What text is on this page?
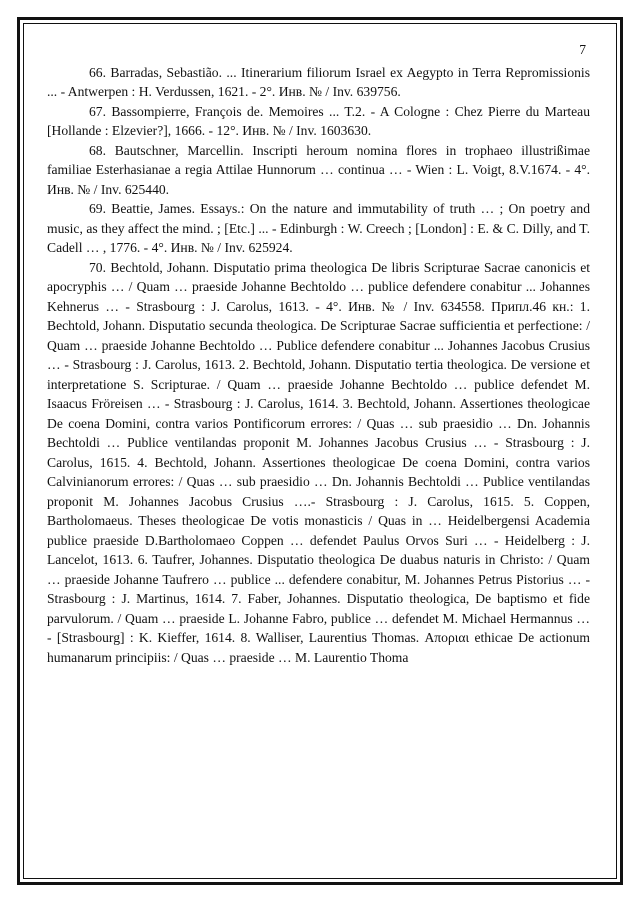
7

66. Barradas, Sebastião. ... Itinerarium filiorum Israel ex Aegypto in Terra Repromissionis ... - Antwerpen : H. Verdussen, 1621. - 2°. Инв. № / Inv. 639756.

67. Bassompierre, François de. Memoires ... T.2. - A Cologne : Chez Pierre du Marteau [Hollande : Elzevier?], 1666. - 12°. Инв. № / Inv. 1603630.

68. Bautschner, Marcellin. Inscripti heroum nomina flores in trophaeo illustrißimae familiae Esterhasianae a regia Attilae Hunnorum … continua … - Wien : L. Voigt, 8.V.1674. - 4°. Инв. № / Inv. 625440.

69. Beattie, James. Essays.: On the nature and immutability of truth … ; On poetry and music, as they affect the mind. ; [Etc.] ... - Edinburgh : W. Creech ; [London] : E. & C. Dilly, and T. Cadell … , 1776. - 4°. Инв. № / Inv. 625924.

70. Bechtold, Johann. Disputatio prima theologica De libris Scripturae Sacrae canonicis et apocryphis … / Quam … praeside Johanne Bechtoldo … publice defendere conabitur ... Johannes Kehnerus … - Strasbourg : J. Carolus, 1613. - 4°. Инв. № / Inv. 634558. Припл.46 кн.: 1. Bechtold, Johann. Disputatio secunda theologica. De Scripturae Sacrae sufficientia et perfectione: / Quam … praeside Johanne Bechtoldo … Publice defendere conabitur ... Johannes Jacobus Crusius … - Strasbourg : J. Carolus, 1613. 2. Bechtold, Johann. Disputatio tertia theologica. De versione et interpretatione S. Scripturae. / Quam … praeside Johanne Bechtoldo … publice defendet M. Isaacus Fröreisen … - Strasbourg : J. Carolus, 1614. 3. Bechtold, Johann. Assertiones theologicae De coena Domini, contra varios Pontificorum errores: / Quas … sub praesidio … Dn. Johannis Bechtoldi … Publice ventilandas proponit M. Johannes Jacobus Crusius … - Strasbourg : J. Carolus, 1615. 4. Bechtold, Johann. Assertiones theologicae De coena Domini, contra varios Calvinianorum errores: / Quas … sub praesidio … Dn. Johannis Bechtoldi … Publice ventilandas proponit M. Johannes Jacobus Crusius ….- Strasbourg : J. Carolus, 1615. 5. Coppen, Bartholomaeus. Theses theologicae De votis monasticis / Quas in … Heidelbergensi Academia publice praeside D.Bartholomaeo Coppen … defendet Paulus Orvos Suri … - Heidelberg : J. Lancelot, 1613. 6. Taufrer, Johannes. Disputatio theologica De duabus naturis in Christo: / Quam … praeside Johanne Taufrero … publice ... defendere conabitur, M. Johannes Petrus Pistorius … - Strasbourg : J. Martinus, 1614. 7. Faber, Johannes. Disputatio theologica, De baptismo et fide parvulorum. / Quam … praeside L. Johanne Fabro, publice … defendet M. Michael Hermannus … - [Strasbourg] : K. Kieffer, 1614. 8. Walliser, Laurentius Thomas. Αποριαι ethicae De actionum humanarum principiis: / Quas … praeside … M. Laurentio Thoma
